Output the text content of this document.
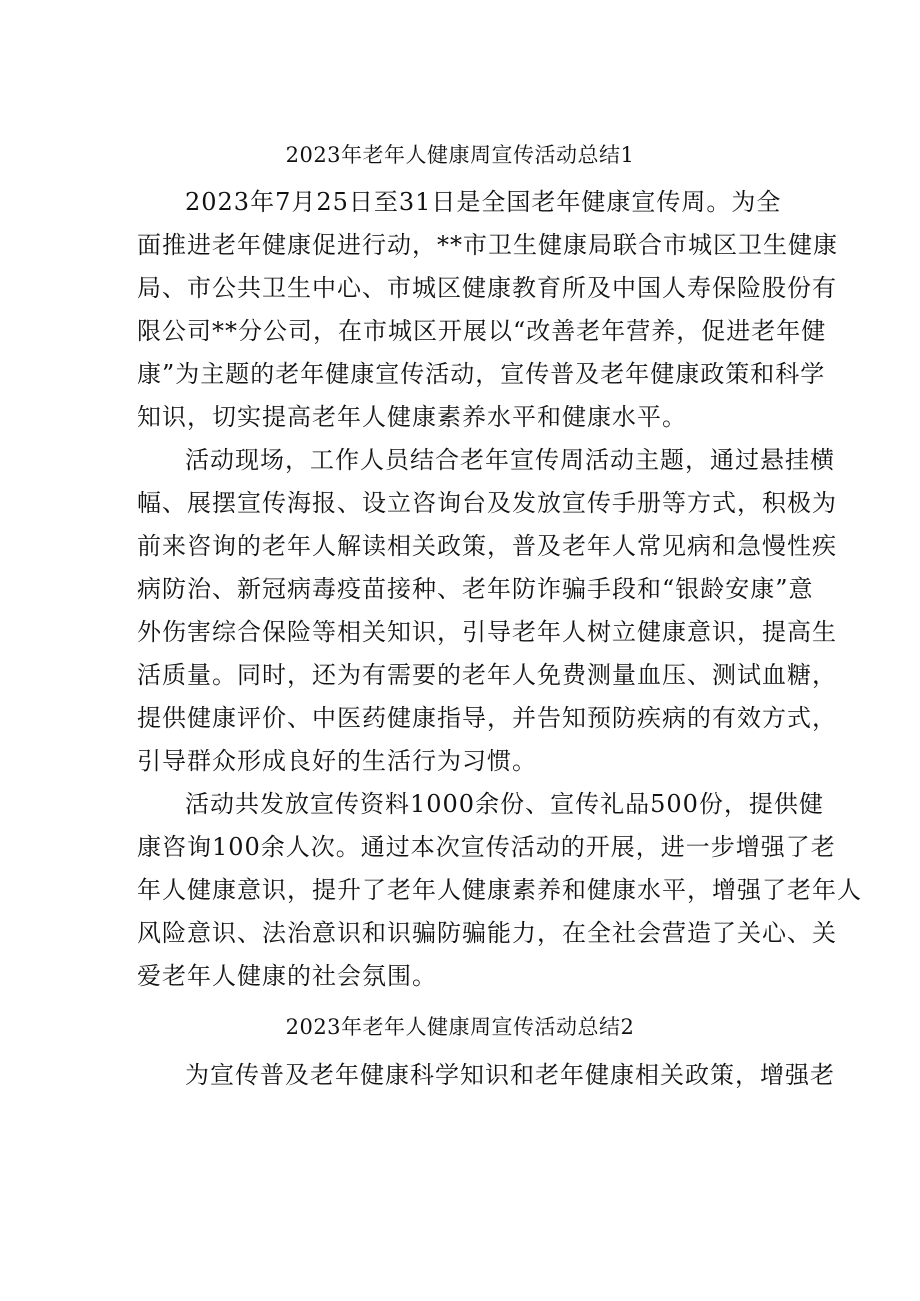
2023年老年人健康周宣传活动总结1
2023年7月25日至31日是全国老年健康宣传周。为全
面推进老年健康促进行动，**市卫生健康局联合市城区卫生健康
局、市公共卫生中心、市城区健康教育所及中国人寿保险股份有
限公司**分公司，在市城区开展以“改善老年营养，促进老年健
康”为主题的老年健康宣传活动，宣传普及老年健康政策和科学
知识，切实提高老年人健康素养水平和健康水平。
活动现场，工作人员结合老年宣传周活动主题，通过悬挂横
幅、展摆宣传海报、设立咨询台及发放宣传手册等方式，积极为
前来咨询的老年人解读相关政策，普及老年人常见病和急慢性疾
病防治、新冠病毒疫苗接种、老年防诈骗手段和“银龄安康”意
外伤害综合保险等相关知识，引导老年人树立健康意识，提高生
活质量。同时，还为有需要的老年人免费测量血压、测试血糖，
提供健康评价、中医药健康指导，并告知预防疾病的有效方式，
引导群众形成良好的生活行为习惯。
活动共发放宣传资料1000余份、宣传礼品500份，提供健
康咨询100余人次。通过本次宣传活动的开展，进一步增强了老
年人健康意识，提升了老年人健康素养和健康水平，增强了老年人
风险意识、法治意识和识骗防骗能力，在全社会营造了关心、关
爱老年人健康的社会氛围。
2023年老年人健康周宣传活动总结2
为宣传普及老年健康科学知识和老年健康相关政策，增强老
